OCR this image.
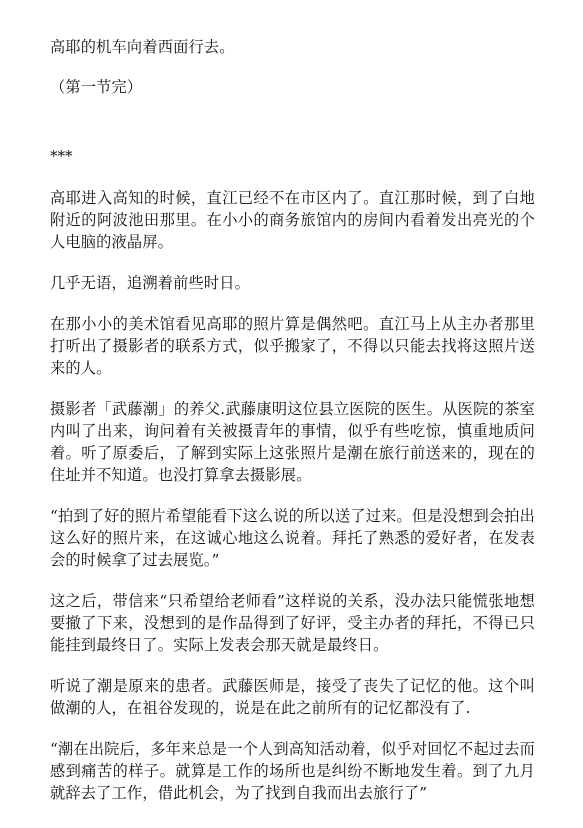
高耶的机车向着西面行去。

（第一节完）

***

高耶进入高知的时候，直江已经不在市区内了。直江那时候，到了白地附近的阿波池田那里。在小小的商务旅馆内的房间内看着发出亮光的个人电脑的液晶屏。

几乎无语，追溯着前些时日。

在那小小的美术馆看见高耶的照片算是偶然吧。直江马上从主办者那里打听出了摄影者的联系方式，似乎搬家了，不得以只能去找将这照片送来的人。

摄影者「武藤潮」的养父.武藤康明这位县立医院的医生。从医院的茶室内叫了出来，询问着有关被摄青年的事情，似乎有些吃惊，慎重地质问着。听了原委后，了解到实际上这张照片是潮在旅行前送来的，现在的住址并不知道。也没打算拿去摄影展。

“拍到了好的照片希望能看下这么说的所以送了过来。但是没想到会拍出这么好的照片来，在这诚心地这么说着。拜托了熟悉的爱好者，在发表会的时候拿了过去展览。”

这之后，带信来“只希望给老师看”这样说的关系，没办法只能慌张地想要撤了下来，没想到的是作品得到了好评，受主办者的拜托，不得已只能挂到最终日了。实际上发表会那天就是最终日。

听说了潮是原来的患者。武藤医师是，接受了丧失了记忆的他。这个叫做潮的人，在祖谷发现的，说是在此之前所有的记忆都没有了.

“潮在出院后，多年来总是一个人到高知活动着，似乎对回忆不起过去而感到痛苦的样子。就算是工作的场所也是纠纷不断地发生着。到了九月就辞去了工作，借此机会，为了找到自我而出去旅行了”
